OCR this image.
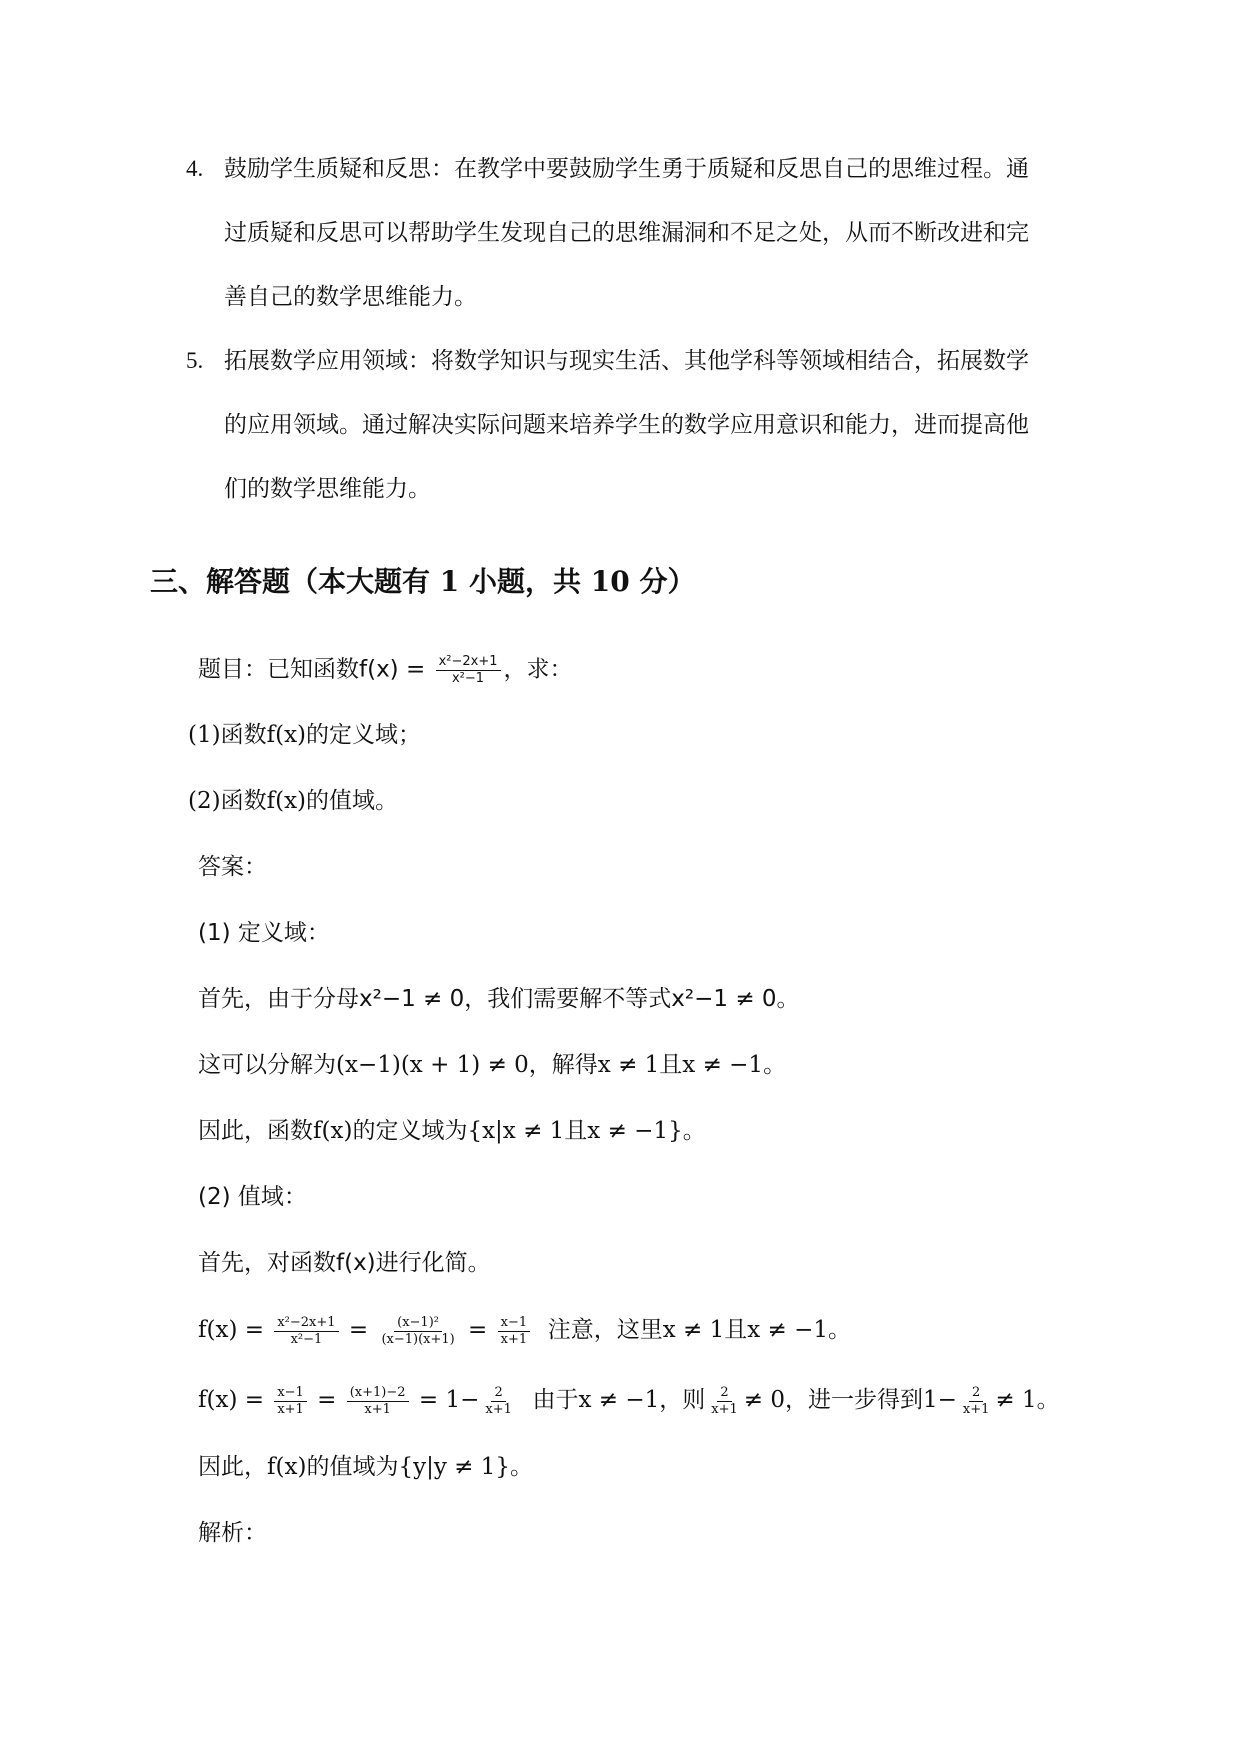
4. 鼓励学生质疑和反思：在教学中要鼓励学生勇于质疑和反思自己的思维过程。通
过质疑和反思可以帮助学生发现自己的思维漏洞和不足之处，从而不断改进和完
善自己的数学思维能力。
5. 拓展数学应用领域：将数学知识与现实生活、其他学科等领域相结合，拓展数学
的应用领域。通过解决实际问题来培养学生的数学应用意识和能力，进而提高他
们的数学思维能力。
三、解答题（本大题有 1 小题，共 10 分）
题目：已知函数$f(x) = \frac{\text{x²−2x+1}}{\text{x²−1}}$ ，求：
(1)函数f(x)的定义域；
(2)函数f(x)的值域。
答案：
(1) 定义域：
首先，由于分母x²−1 ≠ 0，我们需要解不等式x²−1 ≠ 0。
这可以分解为(x−1)(x + 1) ≠ 0，解得x ≠ 1且x ≠ −1。
因此，函数f(x)的定义域为{x|x ≠ 1且x ≠ −1}。
(2) 值域：
首先，对函数f(x)进行化简。
$f(x) = \frac{\text{x²−2x+1}}{\text{x²−1}} = \frac{\text{(x−1)²}}{(x-1)(x+1)} = \frac{x-1}{x+1}$ 注意，这里x ≠ 1且x ≠ −1。
$f(x) = \frac{x-1}{x+1} = \frac{(x+1)-2}{x+1} = 1- \frac{2}{x+1}$ 由于x ≠ −1，则 $\frac{2}{x+1} \ne 0$，进一步得到$1- \frac{2}{x+1} \ne 1$。
因此，f(x)的值域为{y|y ≠ 1}。
解析：
